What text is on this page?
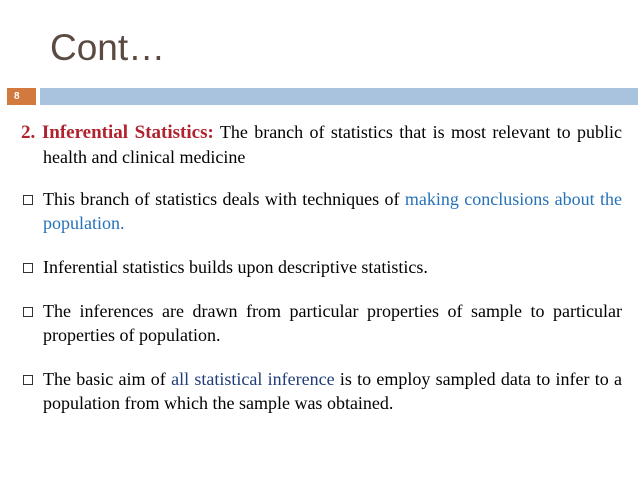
Cont…
8

2. Inferential Statistics: The branch of statistics that is most relevant to public health and clinical medicine

This branch of statistics deals with techniques of making conclusions about the population.
Inferential statistics builds upon descriptive statistics.
The inferences are drawn from particular properties of sample to particular properties of population.
The basic aim of all statistical inference is to employ sampled data to infer to a population from which the sample was obtained.
